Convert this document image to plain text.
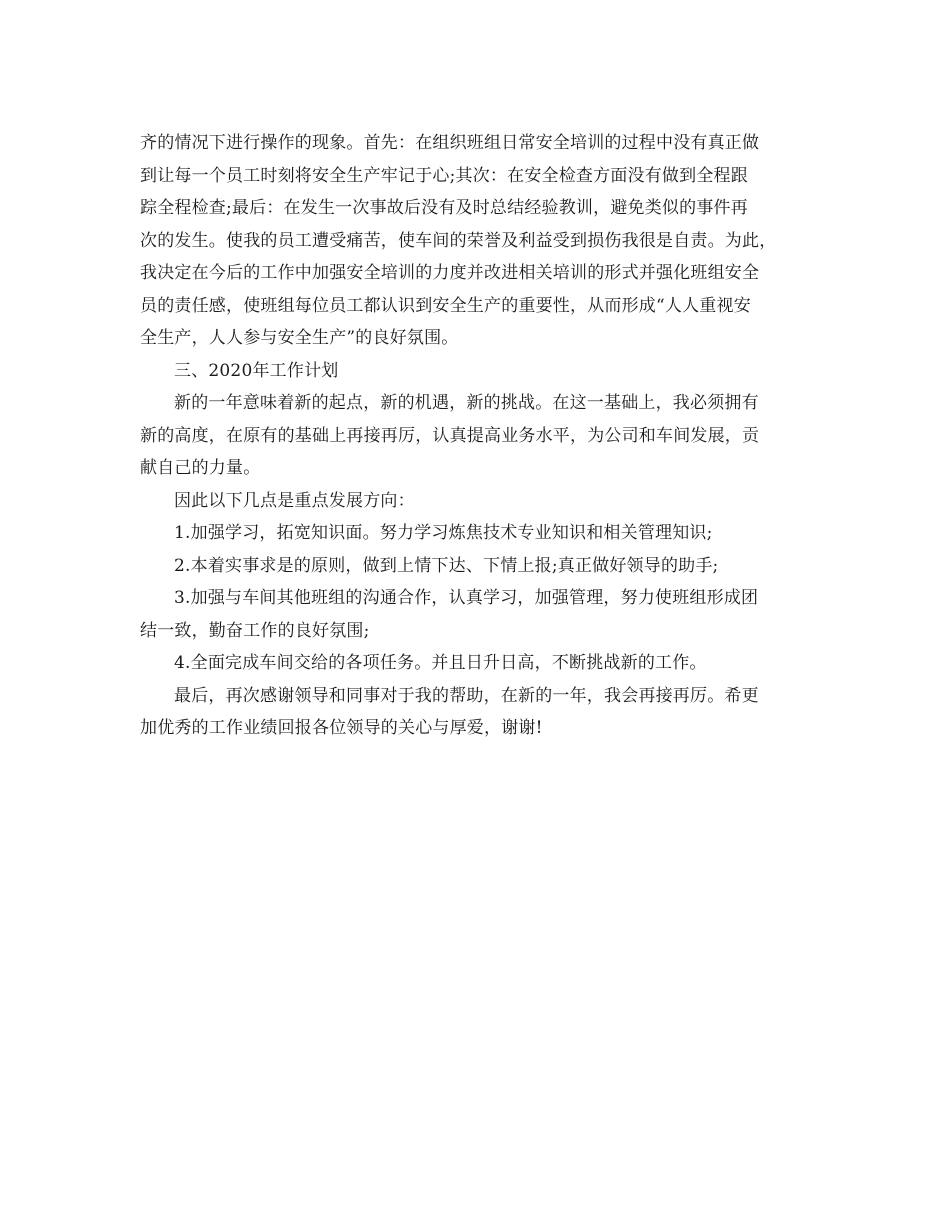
齐的情况下进行操作的现象。首先：在组织班组日常安全培训的过程中没有真正做
到让每一个员工时刻将安全生产牢记于心;其次：在安全检查方面没有做到全程跟
踪全程检查;最后：在发生一次事故后没有及时总结经验教训，避免类似的事件再
次的发生。使我的员工遭受痛苦，使车间的荣誉及利益受到损伤我很是自责。为此，
我决定在今后的工作中加强安全培训的力度并改进相关培训的形式并强化班组安全
员的责任感，使班组每位员工都认识到安全生产的重要性，从而形成“人人重视安
全生产，人人参与安全生产”的良好氛围。
三、2020年工作计划
新的一年意味着新的起点，新的机遇，新的挑战。在这一基础上，我必须拥有
新的高度，在原有的基础上再接再厉，认真提高业务水平，为公司和车间发展，贡
献自己的力量。
因此以下几点是重点发展方向：
1.加强学习，拓宽知识面。努力学习炼焦技术专业知识和相关管理知识;
2.本着实事求是的原则，做到上情下达、下情上报;真正做好领导的助手;
3.加强与车间其他班组的沟通合作，认真学习，加强管理，努力使班组形成团
结一致，勤奋工作的良好氛围;
4.全面完成车间交给的各项任务。并且日升日高，不断挑战新的工作。
最后，再次感谢领导和同事对于我的帮助，在新的一年，我会再接再厉。希更
加优秀的工作业绩回报各位领导的关心与厚爱，谢谢!
